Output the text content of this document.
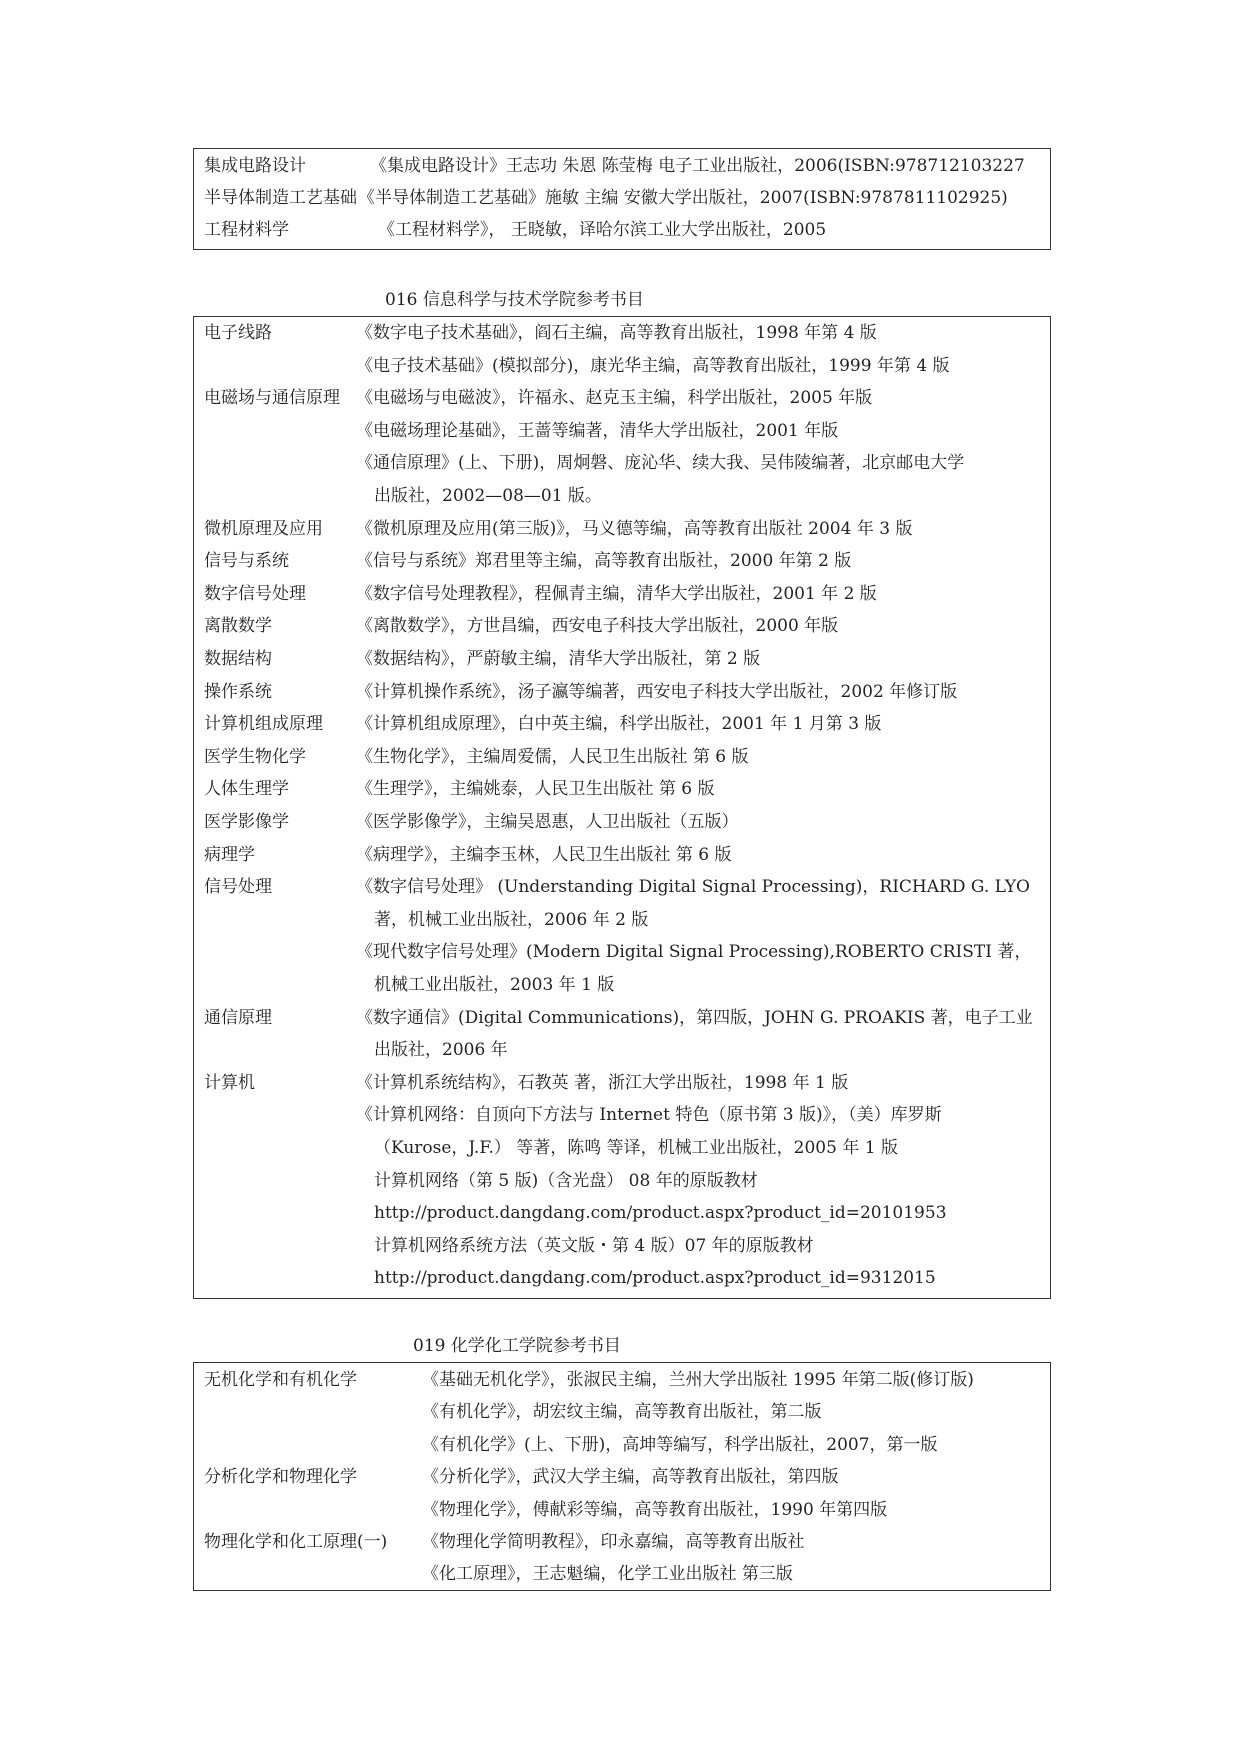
集成电路设计	《集成电路设计》王志功 朱恩 陈莹梅 电子工业出版社，2006(ISBN:978712103227
半导体制造工艺基础 《半导体制造工艺基础》施敏 主编 安徽大学出版社，2007(ISBN:9787811102925)
工程材料学	《工程材料学》， 王晓敏，译哈尔滨工业大学出版社，2005
016 信息科学与技术学院参考书目
电子线路	《数字电子技术基础》，阎石主编，高等教育出版社，1998 年第 4 版
《电子技术基础》(模拟部分)，康光华主编，高等教育出版社，1999 年第 4 版
电磁场与通信原理 《电磁场与电磁波》，许福永、赵克玉主编，科学出版社，2005 年版
《电磁场理论基础》，王蔷等编著，清华大学出版社，2001 年版
《通信原理》(上、下册)，周炯磐、庞沁华、续大我、吴伟陵编著，北京邮电大学
出版社，2002—08—01 版。
微机原理及应用 《微机原理及应用(第三版)》，马义德等编，高等教育出版社 2004 年 3 版
信号与系统	《信号与系统》郑君里等主编，高等教育出版社，2000 年第 2 版
数字信号处理	《数字信号处理教程》，程佩青主编，清华大学出版社，2001 年 2 版
离散数学	《离散数学》，方世昌编，西安电子科技大学出版社，2000 年版
数据结构	《数据结构》，严蔚敏主编，清华大学出版社，第 2 版
操作系统	《计算机操作系统》，汤子瀛等编著，西安电子科技大学出版社，2002 年修订版
计算机组成原理 《计算机组成原理》，白中英主编，科学出版社，2001 年 1 月第 3 版
医学生物化学	《生物化学》，主编周爱儒，人民卫生出版社 第 6 版
人体生理学	《生理学》，主编姚泰，人民卫生出版社 第 6 版
医学影像学	《医学影像学》，主编吴恩惠，人卫出版社（五版）
病理学	《病理学》，主编李玉林，人民卫生出版社 第 6 版
信号处理	《数字信号处理》 (Understanding Digital Signal Processing)，RICHARD G. LYO
著，机械工业出版社，2006 年 2 版
《现代数字信号处理》(Modern Digital Signal Processing),ROBERTO CRISTI 著，
机械工业出版社，2003 年 1 版
通信原理	《数字通信》(Digital Communications)，第四版，JOHN G. PROAKIS 著，电子工业
出版社，2006 年
计算机	《计算机系统结构》，石教英 著，浙江大学出版社，1998 年 1 版
《计算机网络：自顶向下方法与 Internet 特色（原书第 3 版)》，（美）库罗斯
（Kurose，J.F.） 等著，陈鸣 等译，机械工业出版社，2005 年 1 版
计算机网络（第 5 版)（含光盘） 08 年的原版教材
http://product.dangdang.com/product.aspx?product_id=20101953
计算机网络系统方法（英文版・第 4 版）07 年的原版教材
http://product.dangdang.com/product.aspx?product_id=9312015
019 化学化工学院参考书目
无机化学和有机化学	《基础无机化学》，张淑民主编，兰州大学出版社 1995 年第二版(修订版)
《有机化学》，胡宏纹主编，高等教育出版社，第二版
《有机化学》(上、下册)，高坤等编写，科学出版社，2007，第一版
分析化学和物理化学	《分析化学》，武汉大学主编，高等教育出版社，第四版
《物理化学》，傅献彩等编，高等教育出版社，1990 年第四版
物理化学和化工原理(一) 《物理化学简明教程》，印永嘉编，高等教育出版社
《化工原理》，王志魁编，化学工业出版社 第三版
